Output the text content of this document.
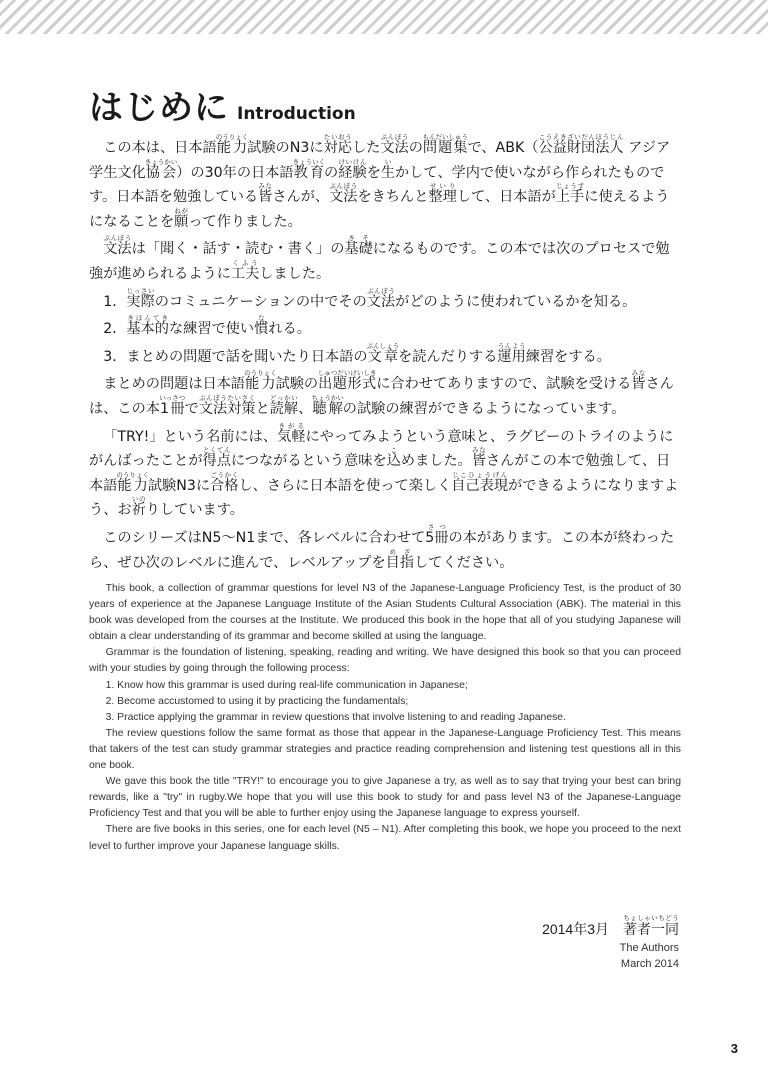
はじめに Introduction

この本は、日本語能力のうりょく試験のN3に対応たいおうした文法ぶんぽうの問題集もんだいしゅうで、ABK（公益財団法人こうえきざいだんほうじん アジア学生文化協会きょうかい）の30年の日本語教育きょういくの経験けいけんを生いかして、学内で使いながら作られたものです。日本語を勉強している皆みなさんが、文法ぶんぽうをきちんと整理せいりして、日本語が上手じょうずに使えるようになることを願ねがって作りました。

文法ぶんぽうは「聞く・話す・読む・書く」の基礎きそになるものです。この本では次のプロセスで勉強が進められるように工夫くふうしました。

1．実際じっさいのコミュニケーションの中でその文法ぶんぽうがどのように使われているかを知る。

2．基本的きほんてきな練習で使い慣なれる。

3．まとめの問題で話を聞いたり日本語の文章ぶんしょうを読んだりする運用うんよう練習をする。

まとめの問題は日本語能力のうりょく試験の出題形式しゅつだいけいしきに合わせてありますので、試験を受ける皆みなさんは、この本1冊いっさつで文法対策ぶんぽうたいさくと読解どっかい、聴解ちょうかいの試験の練習ができるようになっています。

「TRY!」という名前には、気軽きがるにやってみようという意味と、ラグビーのトライのようにがんばったことが得点とくてんにつながるという意味を込こめました。皆みなさんがこの本で勉強して、日本語能力のうりょく試験N3に合格ごうかくし、さらに日本語を使って楽しく自己表現じこひょうげんができるようになりますよう、お祈いのりしています。

このシリーズはN5～N1まで、各レベルに合わせて5冊さつの本があります。この本が終わったら、ぜひ次のレベルに進んで、レベルアップを目指めざしてください。

This book, a collection of grammar questions for level N3 of the Japanese-Language Proficiency Test, is the product of 30 years of experience at the Japanese Language Institute of the Asian Students Cultural Association (ABK). The material in this book was developed from the courses at the Institute. We produced this book in the hope that all of you studying Japanese will obtain a clear understanding of its grammar and become skilled at using the language.

Grammar is the foundation of listening, speaking, reading and writing. We have designed this book so that you can proceed with your studies by going through the following process:

1. Know how this grammar is used during real-life communication in Japanese;

2. Become accustomed to using it by practicing the fundamentals;

3. Practice applying the grammar in review questions that involve listening to and reading Japanese.

The review questions follow the same format as those that appear in the Japanese-Language Proficiency Test. This means that takers of the test can study grammar strategies and practice reading comprehension and listening test questions all in this one book.

We gave this book the title "TRY!" to encourage you to give Japanese a try, as well as to say that trying your best can bring rewards, like a "try" in rugby.We hope that you will use this book to study for and pass level N3 of the Japanese-Language Proficiency Test and that you will be able to further enjoy using the Japanese language to express yourself.

There are five books in this series, one for each level (N5 – N1). After completing this book, we hope you proceed to the next level to further improve your Japanese language skills.

2014年3月 著者一同ちょしゃいちどう
The Authors
March 2014
3
